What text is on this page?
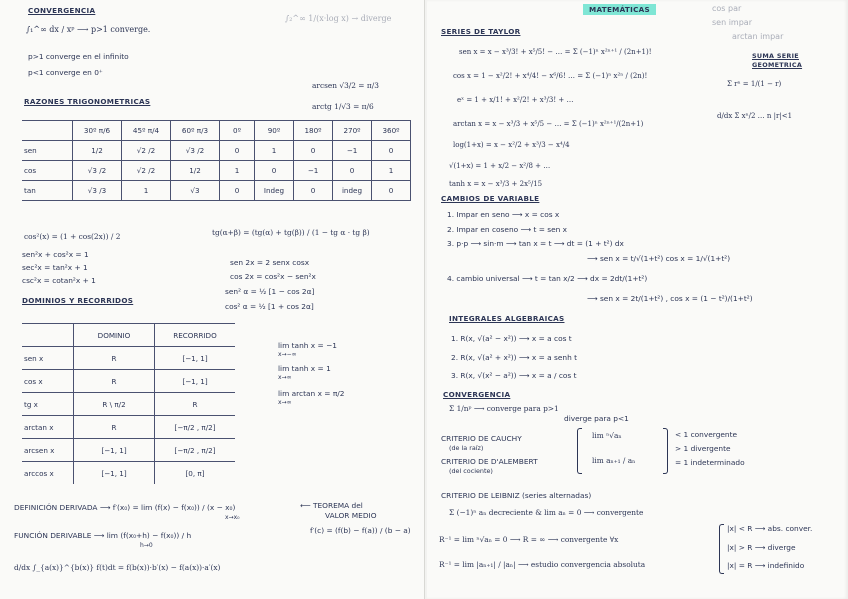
CONVERGENCIA
∫₁^∞ dx / xᵖ ⟶ p>1 converge.
∫₂^∞ 1/(x·log x) → diverge
p>1 converge en el infinito
p<1 converge en 0⁺
arcsen √3/2 = π/3
arctg 1/√3 = π/6
RAZONES TRIGONOMETRICAS
	30º π/6	45º π/4	60º π/3	0º	90º	180º	270º	360º
sen	1/2	√2 /2	√3 /2	0	1	0	−1	0
cos	√3 /2	√2 /2	1/2	1	0	−1	0	1
tan	√3 /3	1	√3	0	Indeg	0	indeg	0
cos²(x) = (1 + cos(2x)) / 2	tg(α+β) = (tg(α) + tg(β)) / (1 − tg α · tg β)
sen²x + cos²x = 1
sec²x = tan²x + 1
csc²x = cotan²x + 1
sen 2x = 2 senx cosx
cos 2x = cos²x − sen²x
sen² α = ½ [1 − cos 2α]
cos² α = ½ [1 + cos 2α]
DOMINIOS Y RECORRIDOS
	DOMINIO	RECORRIDO
sen x	R	[−1, 1]
cos x	R	[−1, 1]
tg x	R \ π/2	R
arctan x	R	[−π/2 , π/2]
arcsen x	[−1, 1]	[−π/2 , π/2]
arccos x	[−1, 1]	[0, π]
lim tanh x = −1
x→−∞
lim tanh x = 1
x→∞
lim arctan x = π/2
x→∞
DEFINICIÓN DERIVADA ⟶ f′(x₀) = lim (f(x) − f(x₀)) / (x − x₀)
x→x₀
⟵ TEOREMA del
VALOR MEDIO
FUNCIÓN DERIVABLE ⟶ lim (f(x₀+h) − f(x₀)) / h
h→0
f′(c) = (f(b) − f(a)) / (b − a)
d/dx ∫_{a(x)}^{b(x)} f(t)dt = f(b(x))·b′(x) − f(a(x))·a′(x)
MATEMÁTICAS	cos par
sen impar
arctan impar
SERIES DE TAYLOR
sen x = x − x³/3! + x⁵/5! − … = Σ (−1)ⁿ x²ⁿ⁺¹ / (2n+1)!
cos x = 1 − x²/2! + x⁴/4! − x⁶/6! … = Σ (−1)ⁿ x²ⁿ / (2n)!
SUMA SERIE
GEOMETRICA
eˣ = 1 + x/1! + x²/2! + x³/3! + …
Σ rⁿ = 1/(1 − r)
arctan x = x − x³/3 + x⁵/5 − … = Σ (−1)ⁿ x²ⁿ⁺¹/(2n+1)
d/dx Σ xⁿ/2 … n |r|<1
log(1+x) = x − x²/2 + x³/3 − x⁴/4
√(1+x) = 1 + x/2 − x²/8 + …
tanh x = x − x³/3 + 2x⁵/15
CAMBIOS DE VARIABLE
1. Impar en seno ⟶ x = cos x
2. Impar en coseno ⟶ t = sen x
3. p·p ⟶ sin·m ⟶ tan x = t ⟶ dt = (1 + t²) dx
⟶ sen x = t/√(1+t²) cos x = 1/√(1+t²)
4. cambio universal ⟶ t = tan x/2 ⟶ dx = 2dt/(1+t²)
⟶ sen x = 2t/(1+t²) , cos x = (1 − t²)/(1+t²)
INTEGRALES ALGEBRAICAS
1. R(x, √(a² − x²)) ⟶ x = a cos t
2. R(x, √(a² + x²)) ⟶ x = a senh t
3. R(x, √(x² − a²)) ⟶ x = a / cos t
CONVERGENCIA
Σ 1/nᵖ ⟶ converge para p>1
diverge para p<1
CRITERIO DE CAUCHY
(de la raíz)
lim ⁿ√aₙ
CRITERIO DE D'ALEMBERT
(del cociente)
lim aₙ₊₁ / aₙ
< 1 convergente
> 1 divergente
= 1 indeterminado
CRITERIO DE LEIBNIZ (series alternadas)
Σ (−1)ⁿ aₙ decreciente & lim aₙ = 0 ⟶ convergente
R⁻¹ = lim ⁿ√aₙ = 0 ⟶ R = ∞ ⟶ convergente ∀x
R⁻¹ = lim |aₙ₊₁| / |aₙ| ⟶ estudio convergencia absoluta
|x| < R ⟶ abs. conver.
|x| > R ⟶ diverge
|x| = R ⟶ indefinido
